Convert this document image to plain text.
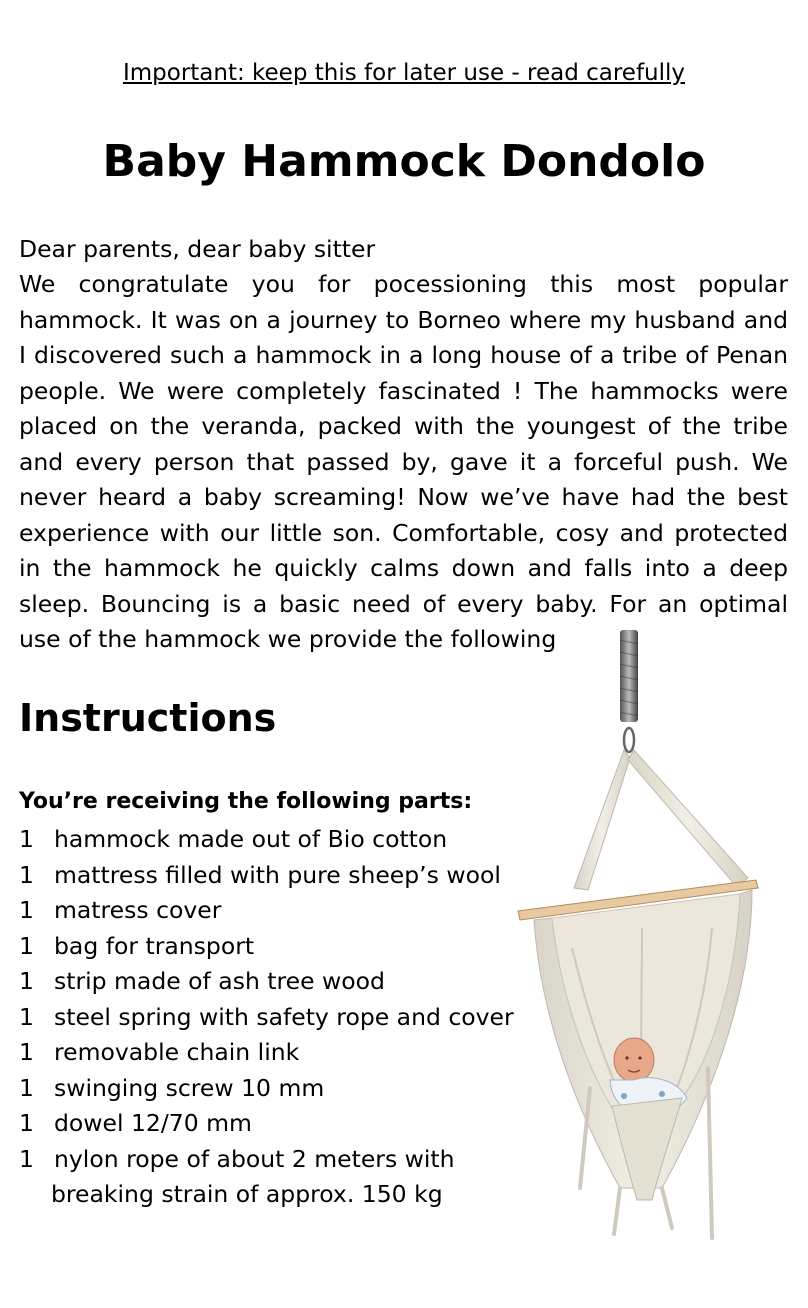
Important: keep this for later use - read carefully
Baby Hammock Dondolo
Dear parents, dear baby sitter

We congratulate you for pocessioning this most popular hammock. It was on a journey to Borneo where my husband and I discovered such a hammock in a long house of a tribe of Penan people. We were completely fascinated ! The hammocks were placed on the veranda, packed with the youngest of the tribe and every person that passed by, gave it a forceful push. We never heard a baby screaming! Now we’ve have had the best experience with our little son. Comfortable, cosy and protected in the hammock he quickly calms down and falls into a deep sleep. Bouncing is a basic need of every baby. For an optimal use of the hammock we provide the following

Instructions
You’re receiving the following parts:
1 hammock made out of Bio cotton
1 mattress filled with pure sheep’s wool
1 matress cover
1 bag for transport
1 strip made of ash tree wood
1 steel spring with safety rope and cover
1 removable chain link
1 swinging screw 10 mm
1 dowel 12/70 mm
1 nylon rope of about 2 meters with
breaking strain of approx. 150 kg
